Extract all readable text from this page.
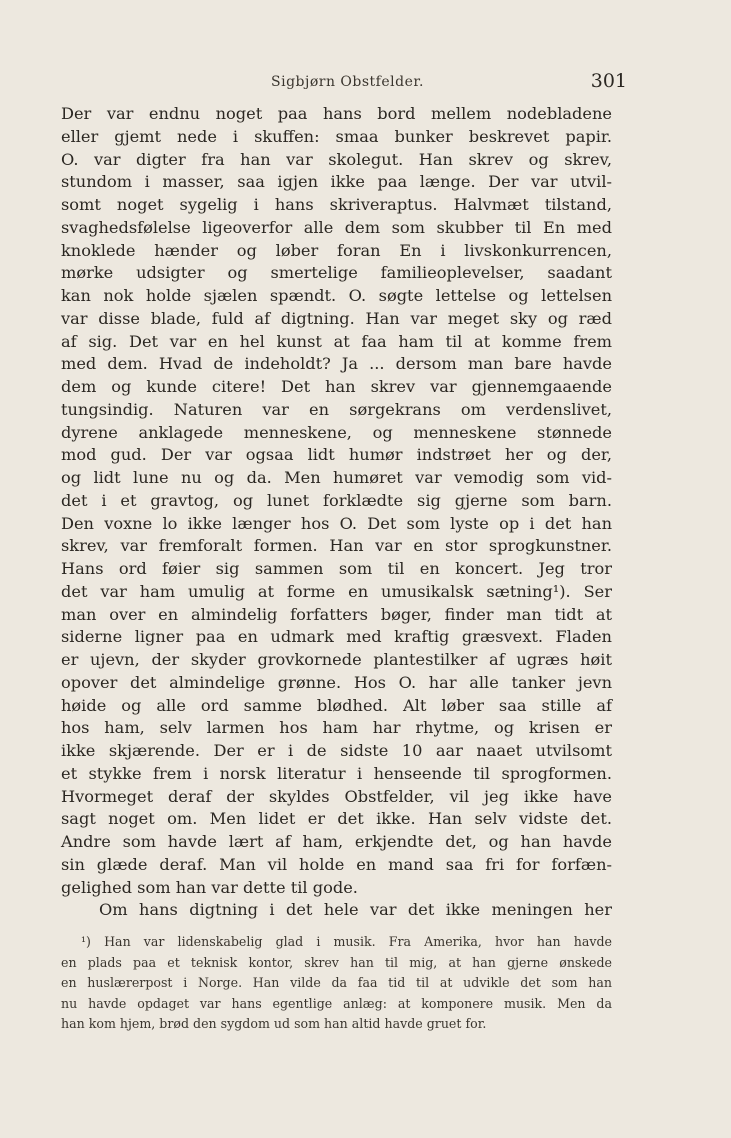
Sigbjørn Obstfelder.	301
Der var endnu noget paa hans bord mellem nodebladene
eller gjemt nede i skuffen: smaa bunker beskrevet papir.
O. var digter fra han var skolegut. Han skrev og skrev,
stundom i masser, saa igjen ikke paa længe. Der var utvil-
somt noget sygelig i hans skriveraptus. Halvmæt tilstand,
svaghedsfølelse ligeoverfor alle dem som skubber til En med
knoklede hænder og løber foran En i livskonkurrencen,
mørke udsigter og smertelige familieoplevelser, saadant
kan nok holde sjælen spændt. O. søgte lettelse og lettelsen
var disse blade, fuld af digtning. Han var meget sky og ræd
af sig. Det var en hel kunst at faa ham til at komme frem
med dem. Hvad de indeholdt? Ja ... dersom man bare havde
dem og kunde citere! Det han skrev var gjennemgaaende
tungsindig. Naturen var en sørgekrans om verdenslivet,
dyrene anklagede menneskene, og menneskene stønnede
mod gud. Der var ogsaa lidt humør indstrøet her og der,
og lidt lune nu og da. Men humøret var vemodig som vid-
det i et gravtog, og lunet forklædte sig gjerne som barn.
Den voxne lo ikke længer hos O. Det som lyste op i det han
skrev, var fremforalt formen. Han var en stor sprogkunstner.
Hans ord føier sig sammen som til en koncert. Jeg tror
det var ham umulig at forme en umusikalsk sætning¹). Ser
man over en almindelig forfatters bøger, finder man tidt at
siderne ligner paa en udmark med kraftig græsvext. Fladen
er ujevn, der skyder grovkornede plantestilker af ugræs høit
opover det almindelige grønne. Hos O. har alle tanker jevn
høide og alle ord samme blødhed. Alt løber saa stille af
hos ham, selv larmen hos ham har rhytme, og krisen er
ikke skjærende. Der er i de sidste 10 aar naaet utvilsomt
et stykke frem i norsk literatur i henseende til sprogformen.
Hvormeget deraf der skyldes Obstfelder, vil jeg ikke have
sagt noget om. Men lidet er det ikke. Han selv vidste det.
Andre som havde lært af ham, erkjendte det, og han havde
sin glæde deraf. Man vil holde en mand saa fri for forfæn-
gelighed som han var dette til gode.
Om hans digtning i det hele var det ikke meningen her
¹) Han var lidenskabelig glad i musik. Fra Amerika, hvor han havde
en plads paa et teknisk kontor, skrev han til mig, at han gjerne ønskede
en huslærerpost i Norge. Han vilde da faa tid til at udvikle det som han
nu havde opdaget var hans egentlige anlæg: at komponere musik. Men da
han kom hjem, brød den sygdom ud som han altid havde gruet for.
